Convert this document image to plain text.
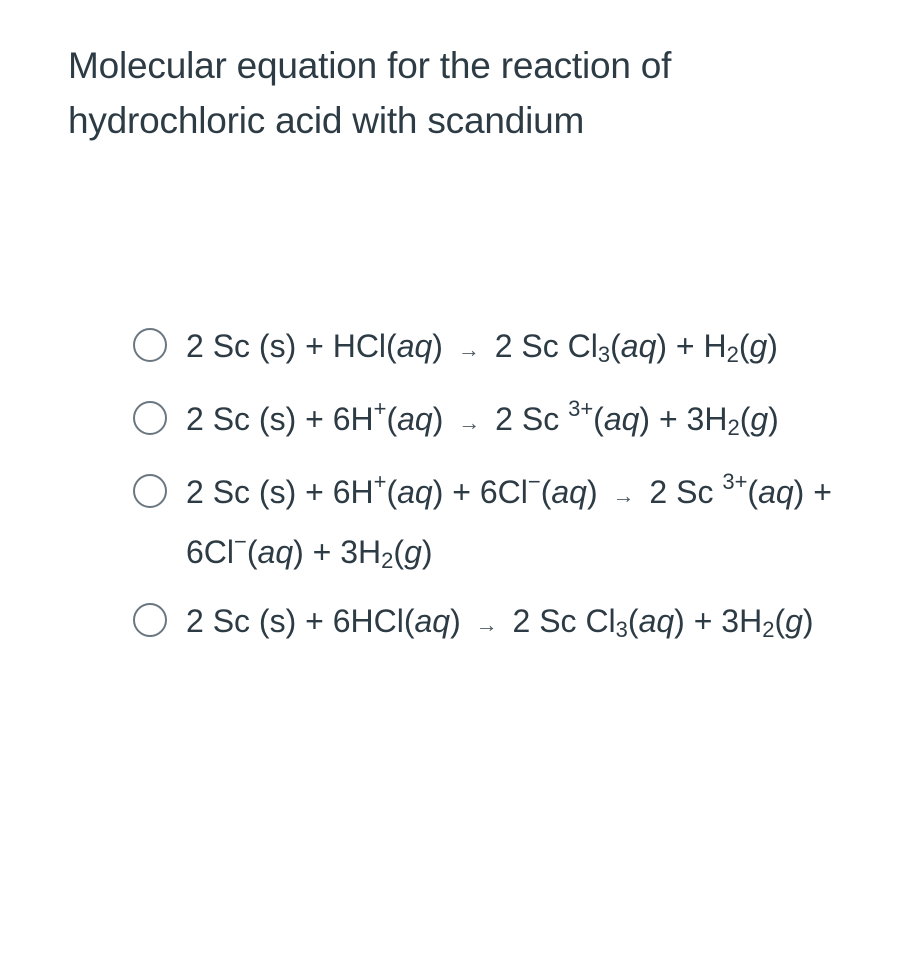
Molecular equation for the reaction of hydrochloric acid with scandium
2 Sc (s) + HCl(aq) → 2 Sc $Cl_3(aq) + H_2(g)$
2 Sc (s) + 6H+(aq) → 2 Sc $^{3+}(aq) + 3H_2(g)$
2 Sc (s) + 6H+(aq) + 6Cl−(aq) → 2 Sc $^{3+}(aq) + 6Cl^-(aq) + 3H_2(g)$
2 Sc (s) + 6HCl(aq) → 2 Sc $Cl_3(aq) + 3H_2(g)$
